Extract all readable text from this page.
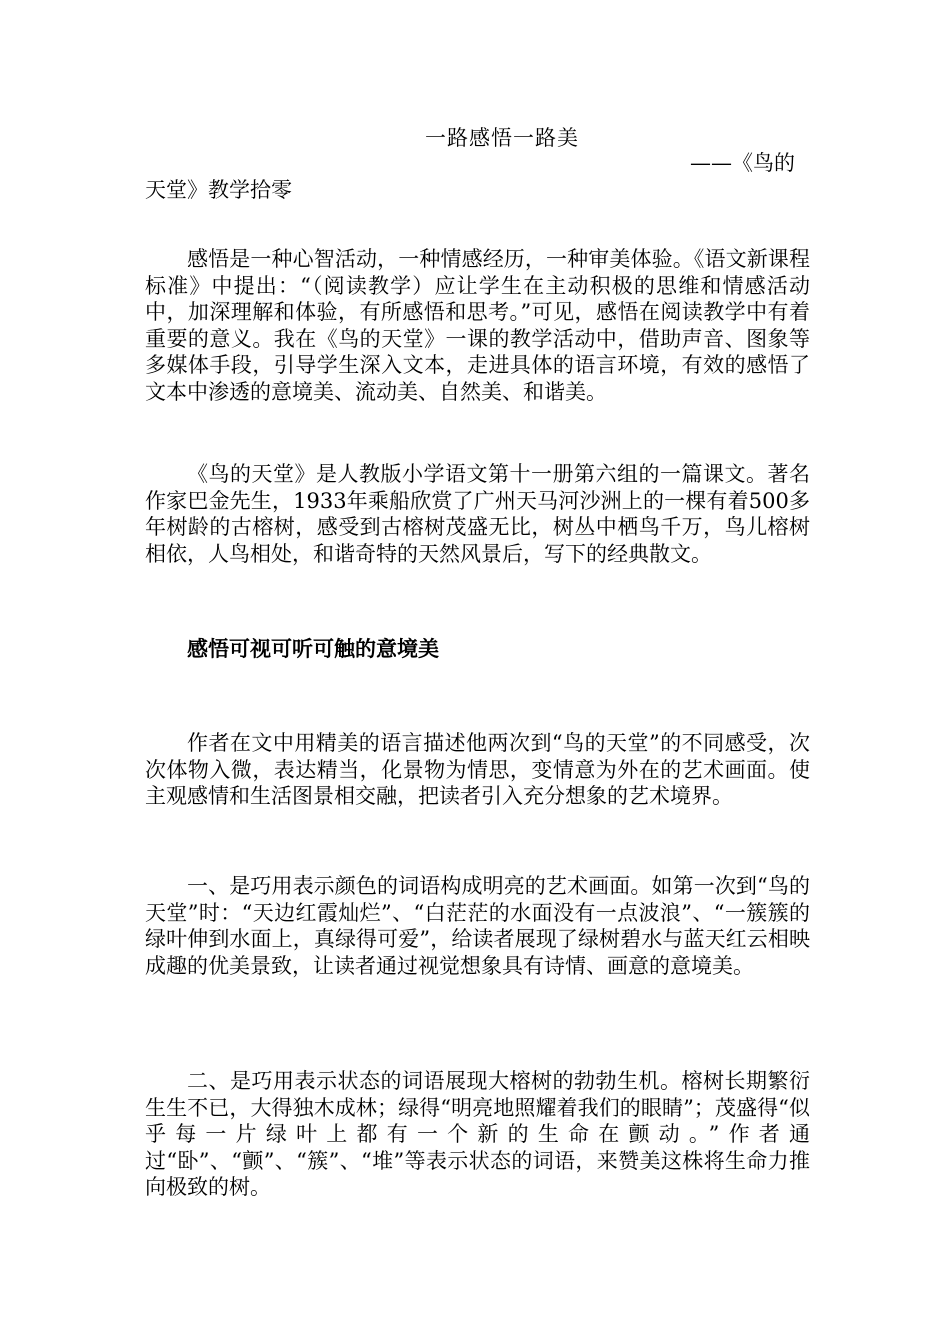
一路感悟一路美

——《鸟的天堂》教学拾零

感悟是一种心智活动，一种情感经历，一种审美体验。《语文新课程标准》中提出：“（阅读教学）应让学生在主动积极的思维和情感活动中，加深理解和体验，有所感悟和思考。”可见，感悟在阅读教学中有着重要的意义。我在《鸟的天堂》一课的教学活动中，借助声音、图象等多媒体手段，引导学生深入文本，走进具体的语言环境，有效的感悟了文本中渗透的意境美、流动美、自然美、和谐美。

《鸟的天堂》是人教版小学语文第十一册第六组的一篇课文。著名作家巴金先生，1933年乘船欣赏了广州天马河沙洲上的一棵有着500多年树龄的古榕树，感受到古榕树茂盛无比，树丛中栖鸟千万，鸟儿榕树相依，人鸟相处，和谐奇特的天然风景后，写下的经典散文。

感悟可视可听可触的意境美

作者在文中用精美的语言描述他两次到“鸟的天堂”的不同感受，次次体物入微，表达精当，化景物为情思，变情意为外在的艺术画面。使主观感情和生活图景相交融，把读者引入充分想象的艺术境界。

一、是巧用表示颜色的词语构成明亮的艺术画面。如第一次到“鸟的天堂”时：“天边红霞灿烂”、“白茫茫的水面没有一点波浪”、“一簇簇的绿叶伸到水面上，真绿得可爱”，给读者展现了绿树碧水与蓝天红云相映成趣的优美景致，让读者通过视觉想象具有诗情、画意的意境美。

二、是巧用表示状态的词语展现大榕树的勃勃生机。榕树长期繁衍生生不已，大得独木成林；绿得“明亮地照耀着我们的眼睛”；茂盛得“似乎每一片绿叶上都有一个新的生命在颤动。”作者通过“卧”、“颤”、“簇”、“堆”等表示状态的词语，来赞美这株将生命力推向极致的树。
